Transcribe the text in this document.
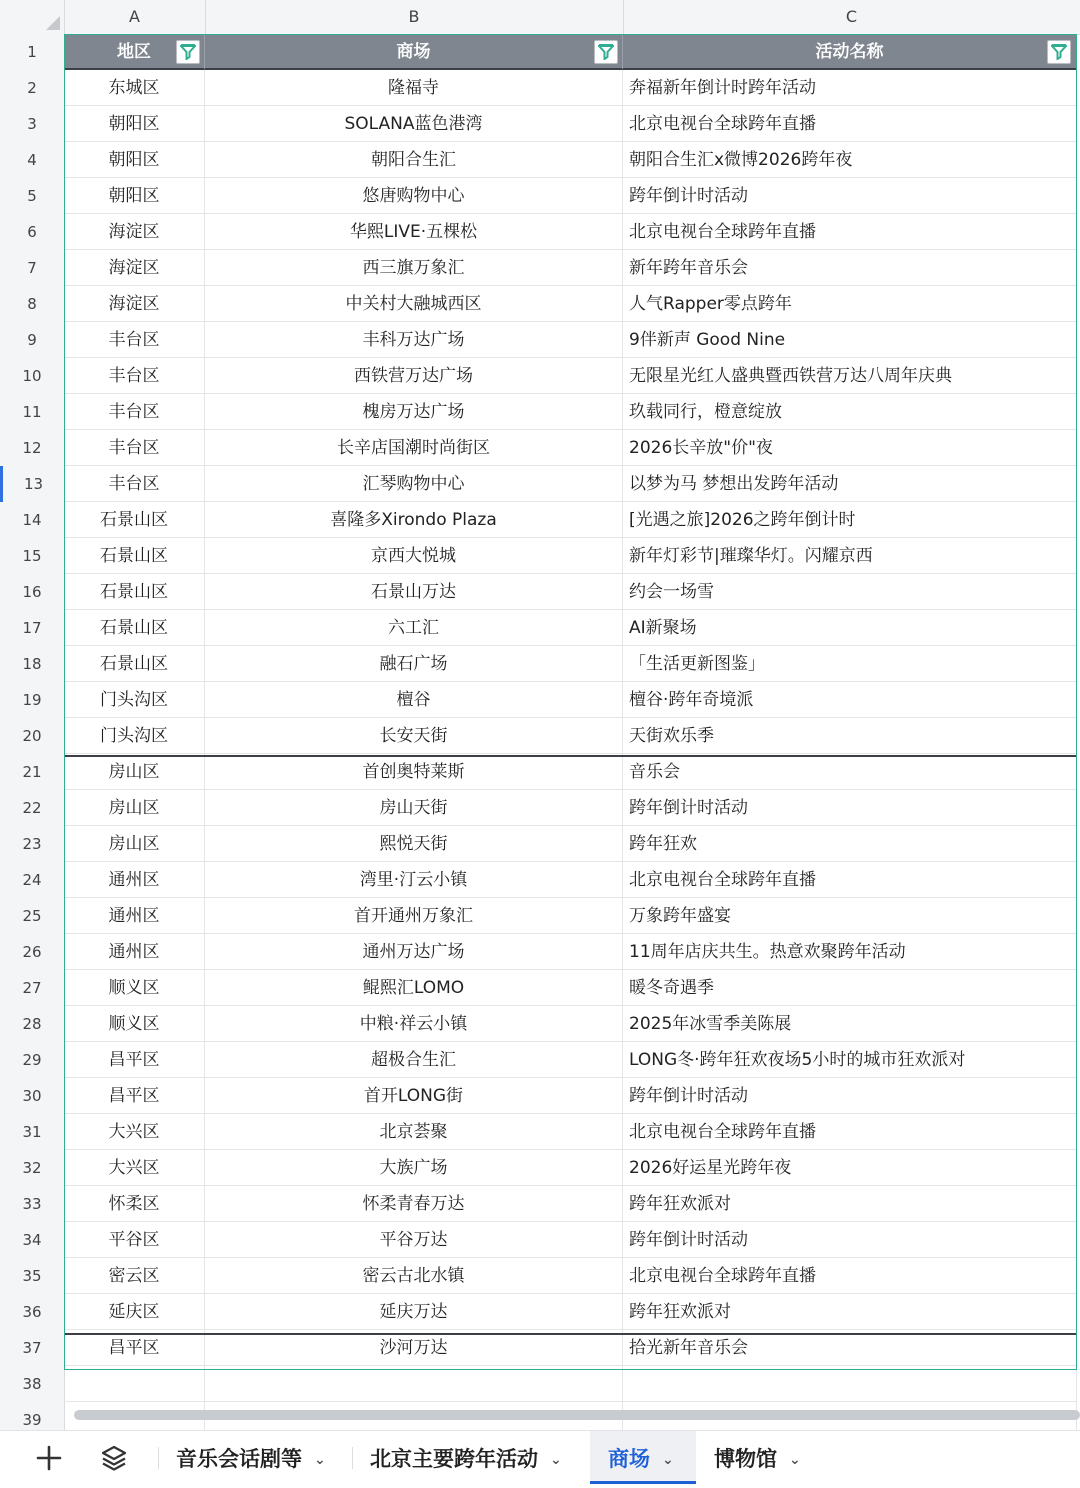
A	B	C
1	地区	商场	活动名称
2	东城区	隆福寺	奔福新年倒计时跨年活动
3	朝阳区	SOLANA蓝色港湾	北京电视台全球跨年直播
4	朝阳区	朝阳合生汇	朝阳合生汇x微博2026跨年夜
5	朝阳区	悠唐购物中心	跨年倒计时活动
6	海淀区	华熙LIVE·五棵松	北京电视台全球跨年直播
7	海淀区	西三旗万象汇	新年跨年音乐会
8	海淀区	中关村大融城西区	人气Rapper零点跨年
9	丰台区	丰科万达广场	9伴新声 Good Nine
10	丰台区	西铁营万达广场	无限星光红人盛典暨西铁营万达八周年庆典
11	丰台区	槐房万达广场	玖载同行，橙意绽放
12	丰台区	长辛店国潮时尚街区	2026长辛放"价"夜
13	丰台区	汇琴购物中心	以梦为马 梦想出发跨年活动
14	石景山区	喜隆多Xirondo Plaza	[光遇之旅]2026之跨年倒计时
15	石景山区	京西大悦城	新年灯彩节|璀璨华灯。闪耀京西
16	石景山区	石景山万达	约会一场雪
17	石景山区	六工汇	AI新聚场
18	石景山区	融石广场	「生活更新图鉴」
19	门头沟区	檀谷	檀谷·跨年奇境派
20	门头沟区	长安天街	天街欢乐季
21	房山区	首创奥特莱斯	音乐会
22	房山区	房山天街	跨年倒计时活动
23	房山区	熙悦天街	跨年狂欢
24	通州区	湾里·汀云小镇	北京电视台全球跨年直播
25	通州区	首开通州万象汇	万象跨年盛宴
26	通州区	通州万达广场	11周年店庆共生。热意欢聚跨年活动
27	顺义区	鲲熙汇LOMO	暖冬奇遇季
28	顺义区	中粮·祥云小镇	2025年冰雪季美陈展
29	昌平区	超极合生汇	LONG冬·跨年狂欢夜场5小时的城市狂欢派对
30	昌平区	首开LONG街	跨年倒计时活动
31	大兴区	北京荟聚	北京电视台全球跨年直播
32	大兴区	大族广场	2026好运星光跨年夜
33	怀柔区	怀柔青春万达	跨年狂欢派对
34	平谷区	平谷万达	跨年倒计时活动
35	密云区	密云古北水镇	北京电视台全球跨年直播
36	延庆区	延庆万达	跨年狂欢派对
37	昌平区	沙河万达	拾光新年音乐会
38
39
音乐会话剧等 ⌄	北京主要跨年活动 ⌄	商场 ⌄	博物馆 ⌄
